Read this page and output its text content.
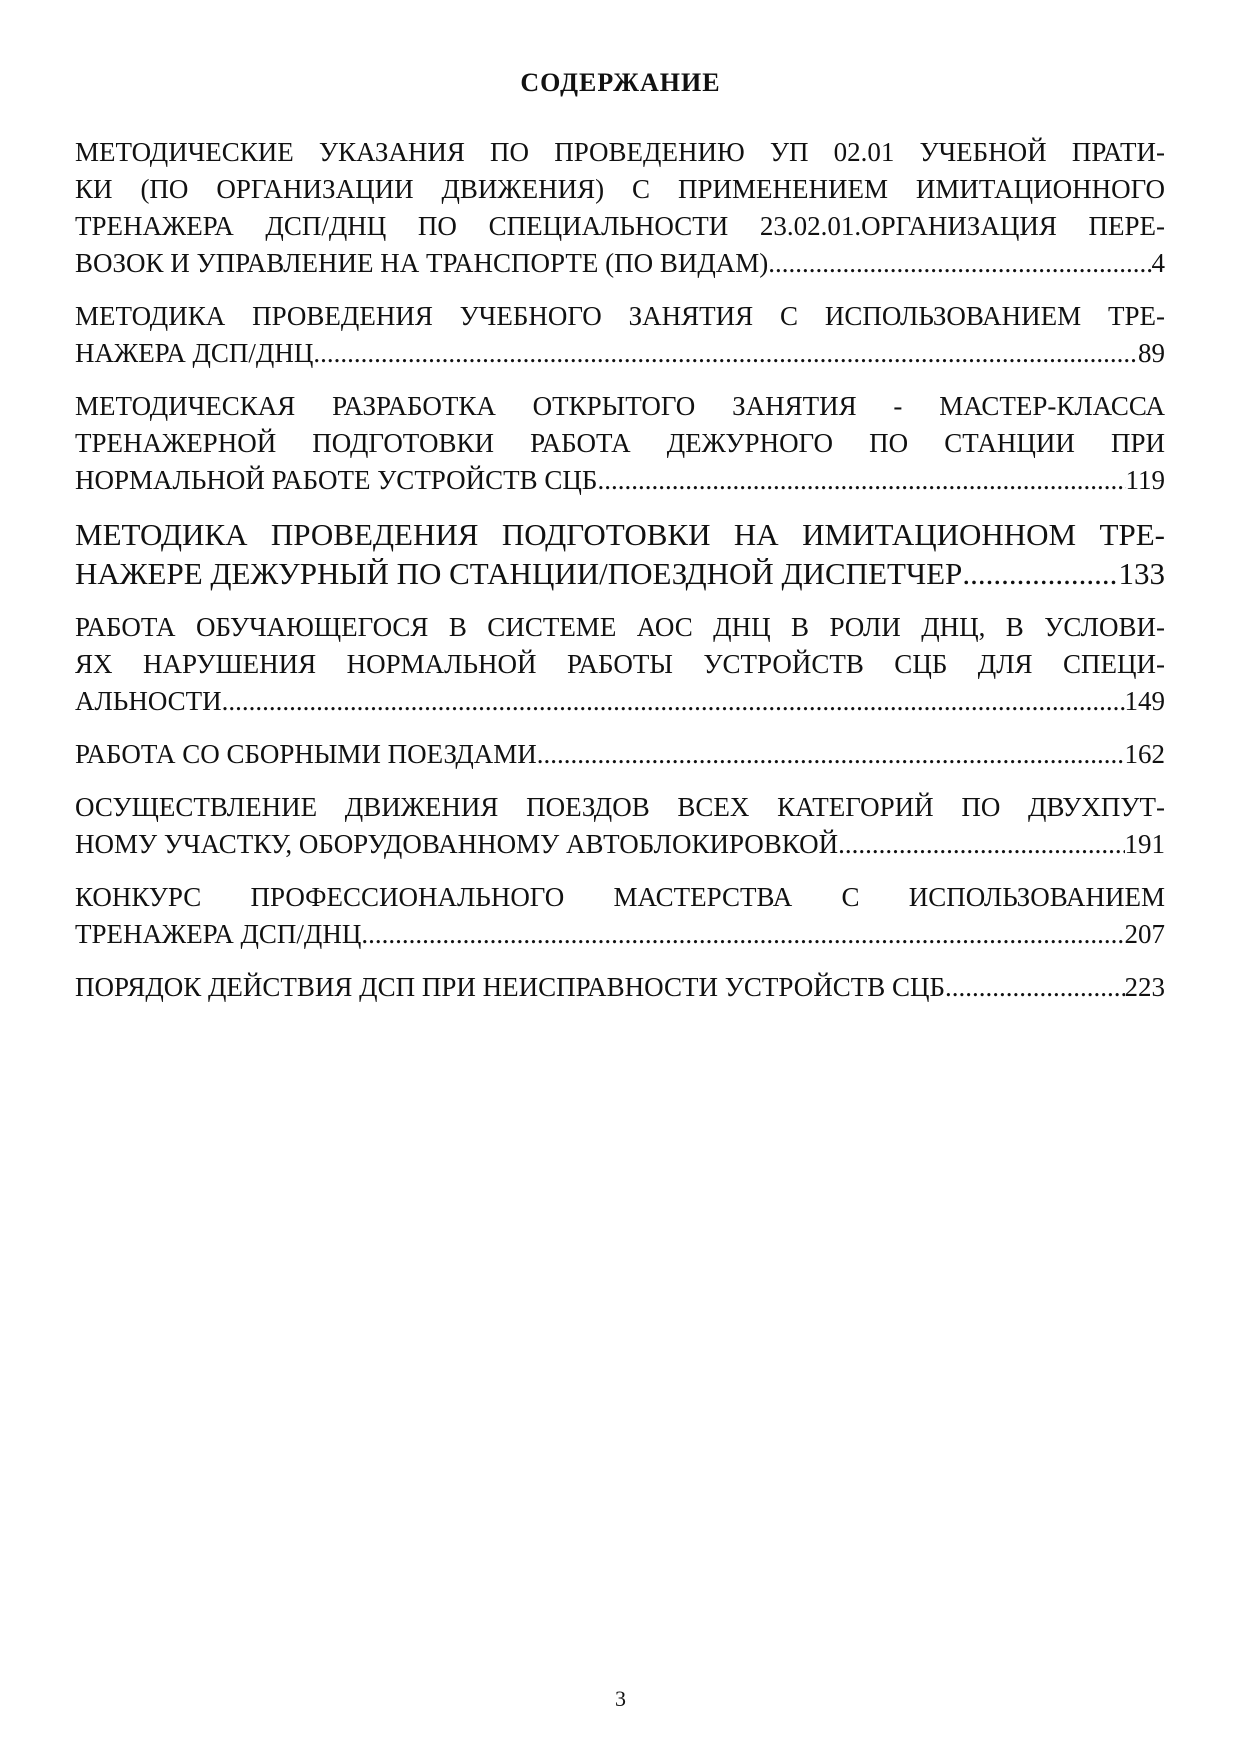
СОДЕРЖАНИЕ
МЕТОДИЧЕСКИЕ УКАЗАНИЯ ПО ПРОВЕДЕНИЮ УП 02.01 УЧЕБНОЙ ПРАТИ-
КИ (ПО ОРГАНИЗАЦИИ ДВИЖЕНИЯ) С ПРИМЕНЕНИЕМ ИМИТАЦИОННОГО
ТРЕНАЖЕРА ДСП/ДНЦ ПО СПЕЦИАЛЬНОСТИ 23.02.01.ОРГАНИЗАЦИЯ ПЕРЕ-
ВОЗОК И УПРАВЛЕНИЕ НА ТРАНСПОРТЕ (ПО ВИДАМ) .....	4
МЕТОДИКА ПРОВЕДЕНИЯ УЧЕБНОГО ЗАНЯТИЯ С ИСПОЛЬЗОВАНИЕМ ТРЕ-
НАЖЕРА ДСП/ДНЦ .....	89
МЕТОДИЧЕСКАЯ РАЗРАБОТКА ОТКРЫТОГО ЗАНЯТИЯ - МАСТЕР-КЛАССА
ТРЕНАЖЕРНОЙ ПОДГОТОВКИ РАБОТА ДЕЖУРНОГО ПО СТАНЦИИ ПРИ
НОРМАЛЬНОЙ РАБОТЕ УСТРОЙСТВ СЦБ .....	119
МЕТОДИКА ПРОВЕДЕНИЯ ПОДГОТОВКИ НА ИМИТАЦИОННОМ ТРЕ-
НАЖЕРЕ ДЕЖУРНЫЙ ПО СТАНЦИИ/ПОЕЗДНОЙ ДИСПЕТЧЕР .....	133
РАБОТА ОБУЧАЮЩЕГОСЯ В СИСТЕМЕ АОС ДНЦ В РОЛИ ДНЦ, В УСЛОВИ-
ЯХ НАРУШЕНИЯ НОРМАЛЬНОЙ РАБОТЫ УСТРОЙСТВ СЦБ ДЛЯ СПЕЦИ-
АЛЬНОСТИ .....	149
РАБОТА СО СБОРНЫМИ ПОЕЗДАМИ .....	162
ОСУЩЕСТВЛЕНИЕ ДВИЖЕНИЯ ПОЕЗДОВ ВСЕХ КАТЕГОРИЙ ПО ДВУХПУТ-
НОМУ УЧАСТКУ, ОБОРУДОВАННОМУ АВТОБЛОКИРОВКОЙ .....	191
КОНКУРС ПРОФЕССИОНАЛЬНОГО МАСТЕРСТВА С ИСПОЛЬЗОВАНИЕМ
ТРЕНАЖЕРА ДСП/ДНЦ .....	207
ПОРЯДОК ДЕЙСТВИЯ ДСП ПРИ НЕИСПРАВНОСТИ УСТРОЙСТВ СЦБ .....	223
3
